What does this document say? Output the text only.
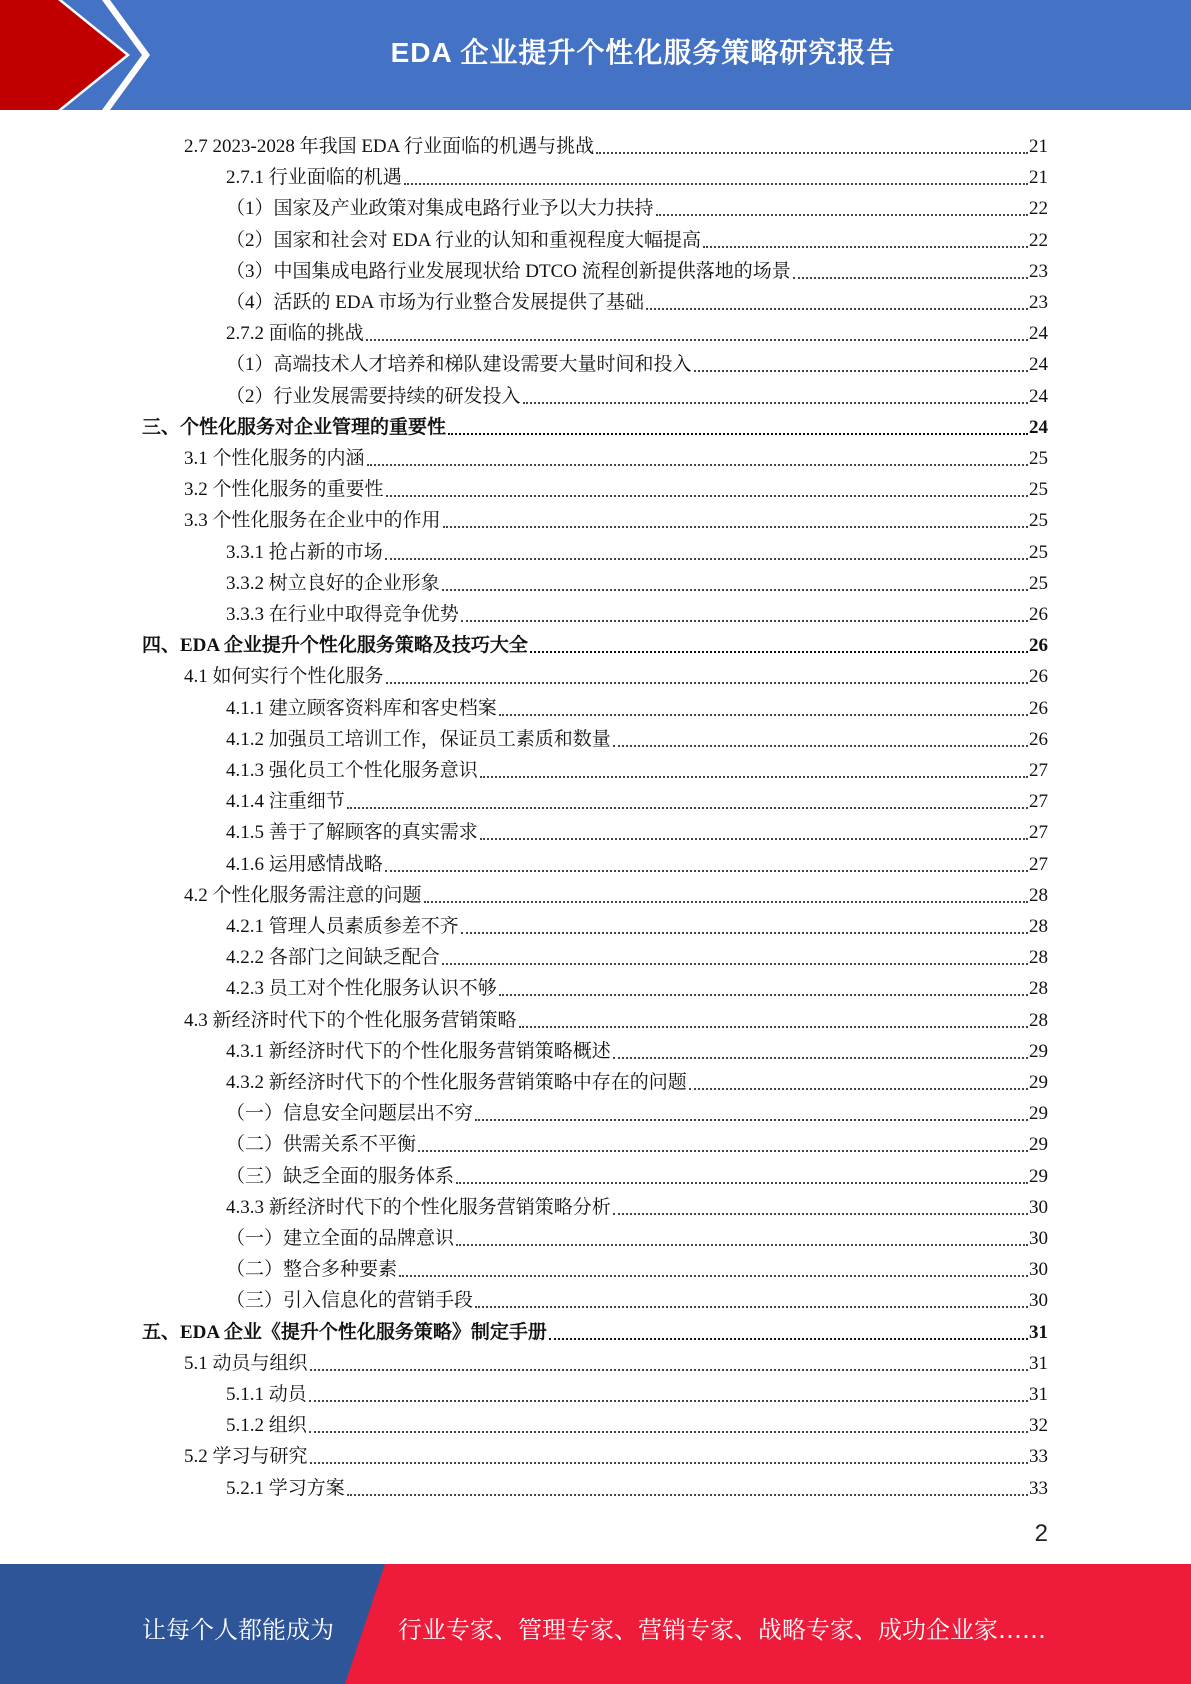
EDA 企业提升个性化服务策略研究报告
2.7 2023-2028 年我国 EDA 行业面临的机遇与挑战	21
2.7.1 行业面临的机遇	21
（1）国家及产业政策对集成电路行业予以大力扶持	22
（2）国家和社会对 EDA 行业的认知和重视程度大幅提高	22
（3）中国集成电路行业发展现状给 DTCO 流程创新提供落地的场景	23
（4）活跃的 EDA 市场为行业整合发展提供了基础	23
2.7.2 面临的挑战	24
（1）高端技术人才培养和梯队建设需要大量时间和投入	24
（2）行业发展需要持续的研发投入	24
三、个性化服务对企业管理的重要性	24
3.1 个性化服务的内涵	25
3.2 个性化服务的重要性	25
3.3 个性化服务在企业中的作用	25
3.3.1 抢占新的市场	25
3.3.2 树立良好的企业形象	25
3.3.3 在行业中取得竞争优势	26
四、EDA 企业提升个性化服务策略及技巧大全	26
4.1 如何实行个性化服务	26
4.1.1 建立顾客资料库和客史档案	26
4.1.2 加强员工培训工作，保证员工素质和数量	26
4.1.3 强化员工个性化服务意识	27
4.1.4 注重细节	27
4.1.5 善于了解顾客的真实需求	27
4.1.6 运用感情战略	27
4.2 个性化服务需注意的问题	28
4.2.1 管理人员素质参差不齐	28
4.2.2 各部门之间缺乏配合	28
4.2.3 员工对个性化服务认识不够	28
4.3 新经济时代下的个性化服务营销策略	28
4.3.1 新经济时代下的个性化服务营销策略概述	29
4.3.2 新经济时代下的个性化服务营销策略中存在的问题	29
（一）信息安全问题层出不穷	29
（二）供需关系不平衡	29
（三）缺乏全面的服务体系	29
4.3.3 新经济时代下的个性化服务营销策略分析	30
（一）建立全面的品牌意识	30
（二）整合多种要素	30
（三）引入信息化的营销手段	30
五、EDA 企业《提升个性化服务策略》制定手册	31
5.1 动员与组织	31
5.1.1 动员	31
5.1.2 组织	32
5.2 学习与研究	33
5.2.1 学习方案	33
2
让每个人都能成为	行业专家、管理专家、营销专家、战略专家、成功企业家……
